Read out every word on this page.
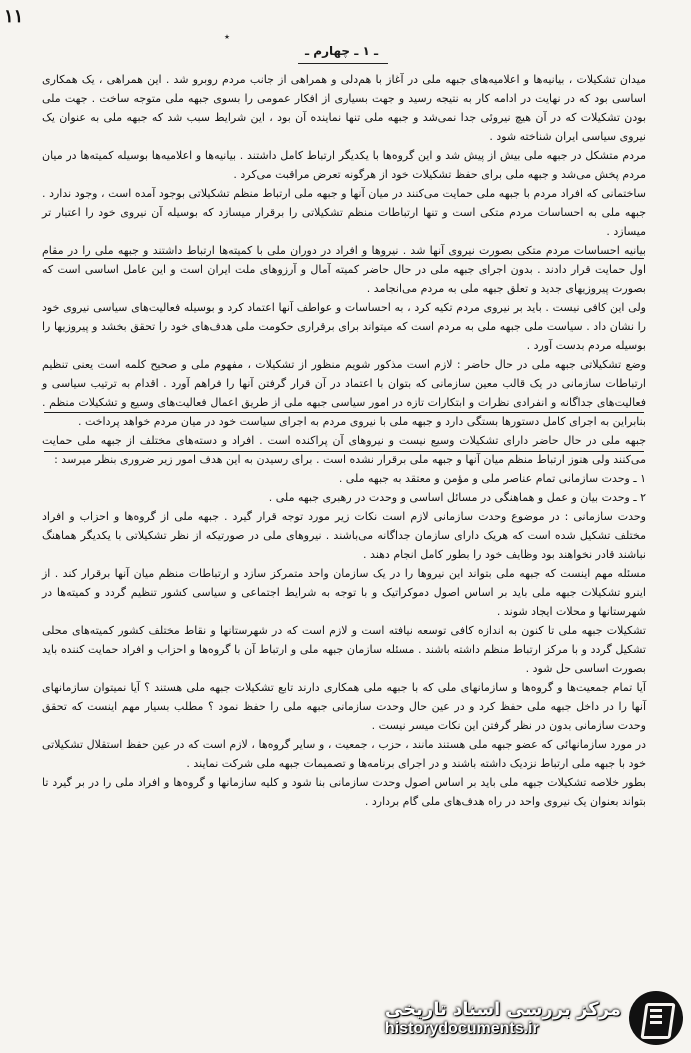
۱۱
٭
ـ ۱ ـ چهارم ـ

میدان تشکیلات ، بیانیه‌ها و اعلامیه‌های جبهه ملی در آغاز با هم‌دلی و همراهی از جانب مردم روبرو شد . این همراهی ، یک همکاری اساسی بود که در نهایت در ادامه کار به نتیجه رسید و جهت بسیاری از افکار عمومی را بسوی جبهه ملی متوجه ساخت . جهت ملی بودن تشکیلات که در آن هیچ نیروئی جدا نمی‌شد و جبهه ملی تنها نماینده آن بود ، این شرایط سبب شد که جبهه ملی به عنوان یک نیروی سیاسی ایران شناخته شود .

مردم متشکل در جبهه ملی بیش از پیش شد و این گروه‌ها با یکدیگر ارتباط کامل داشتند . بیانیه‌ها و اعلامیه‌ها بوسیله کمیته‌ها در میان مردم پخش می‌شد و جبهه ملی برای حفظ تشکیلات خود از هرگونه تعرض مراقبت می‌کرد .

ساختمانی که افراد مردم با جبهه ملی حمایت می‌کنند در میان آنها و جبهه ملی ارتباط منظم تشکیلاتی بوجود آمده است ، وجود ندارد . جبهه ملی به احساسات مردم متکی است و تنها ارتباطات منظم تشکیلاتی را برقرار میسازد که بوسیله آن نیروی خود را اعتبار تر میسازد .

بیانیه احساسات مردم متکی بصورت نیروی آنها شد . نیروها و افراد در دوران ملی با کمیته‌ها ارتباط داشتند و جبهه ملی را در مقام اول حمایت قرار دادند . بدون اجرای جبهه ملی در حال حاضر کمیته آمال و آرزوهای ملت ایران است و این عامل اساسی است که بصورت پیروزیهای جدید و تعلق جبهه ملی به مردم می‌انجامد .

ولی این کافی نیست . باید بر نیروی مردم تکیه کرد ، به احساسات و عواطف آنها اعتماد کرد و بوسیله فعالیت‌های سیاسی نیروی خود را نشان داد . سیاست ملی جبهه ملی به مردم است که میتواند برای برقراری حکومت ملی هدف‌های خود را تحقق بخشد و پیروزیها را بوسیله مردم بدست آورد .

وضع تشکیلاتی جبهه ملی در حال حاضر : لازم است مذکور شویم منظور از تشکیلات ، مفهوم ملی و صحیح کلمه است یعنی تنظیم ارتباطات سازمانی در یک قالب معین سازمانی که بتوان با اعتماد در آن قرار گرفتن آنها را فراهم آورد . اقدام به ترتیب سیاسی و فعالیت‌های جداگانه و انفرادی نظرات و ابتکارات تازه در امور سیاسی جبهه ملی از طریق اعمال فعالیت‌های وسیع و تشکیلات منظم . بنابراین به اجرای کامل دستورها بستگی دارد و جبهه ملی با نیروی مردم به اجرای سیاست خود در میان مردم خواهد پرداخت .

جبهه ملی در حال حاضر دارای تشکیلات وسیع نیست و نیروهای آن پراکنده است . افراد و دسته‌های مختلف از جبهه ملی حمایت می‌کنند ولی هنوز ارتباط منظم میان آنها و جبهه ملی برقرار نشده است . برای رسیدن به این هدف امور زیر ضروری بنظر میرسد :

۱ ـ وحدت سازمانی تمام عناصر ملی و مؤمن و معتقد به جبهه ملی .

۲ ـ وحدت بیان و عمل و هماهنگی در مسائل اساسی و وحدت در رهبری جبهه ملی .

وحدت سازمانی : در موضوع وحدت سازمانی لازم است نکات زیر مورد توجه قرار گیرد . جبهه ملی از گروه‌ها و احزاب و افراد مختلف تشکیل شده است که هریک دارای سازمان جداگانه می‌باشند . نیروهای ملی در صورتیکه از نظر تشکیلاتی با یکدیگر هماهنگ نباشند قادر نخواهند بود وظایف خود را بطور کامل انجام دهند .

مسئله مهم اینست که جبهه ملی بتواند این نیروها را در یک سازمان واحد متمرکز سازد و ارتباطات منظم میان آنها برقرار کند . از اینرو تشکیلات جبهه ملی باید بر اساس اصول دموکراتیک و با توجه به شرایط اجتماعی و سیاسی کشور تنظیم گردد و کمیته‌ها در شهرستانها و محلات ایجاد شوند .

تشکیلات جبهه ملی تا کنون به اندازه کافی توسعه نیافته است و لازم است که در شهرستانها و نقاط مختلف کشور کمیته‌های محلی تشکیل گردد و با مرکز ارتباط منظم داشته باشند . مسئله سازمان جبهه ملی و ارتباط آن با گروه‌ها و احزاب و افراد حمایت کننده باید بصورت اساسی حل شود .

آیا تمام جمعیت‌ها و گروه‌ها و سازمانهای ملی که با جبهه ملی همکاری دارند تابع تشکیلات جبهه ملی هستند ؟ آیا نمیتوان سازمانهای آنها را در داخل جبهه ملی حفظ کرد و در عین حال وحدت سازمانی جبهه ملی را حفظ نمود ؟ مطلب بسیار مهم اینست که تحقق وحدت سازمانی بدون در نظر گرفتن این نکات میسر نیست .

در مورد سازمانهائی که عضو جبهه ملی هستند مانند ، حزب ، جمعیت ، و سایر گروه‌ها ، لازم است که در عین حفظ استقلال تشکیلاتی خود با جبهه ملی ارتباط نزدیک داشته باشند و در اجرای برنامه‌ها و تصمیمات جبهه ملی شرکت نمایند .

بطور خلاصه تشکیلات جبهه ملی باید بر اساس اصول وحدت سازمانی بنا شود و کلیه سازمانها و گروه‌ها و افراد ملی را در بر گیرد تا بتواند بعنوان یک نیروی واحد در راه هدف‌های ملی گام بردارد .

مرکز بررسی اسناد تاریخی
historydocuments.ir
